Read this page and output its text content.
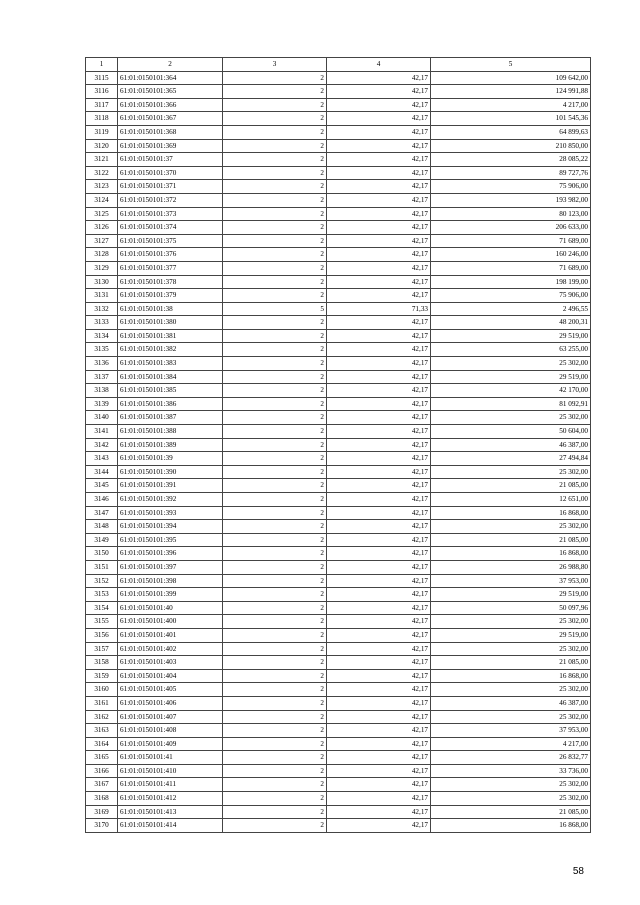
1	2	3	4	5
3115	61:01:0150101:364	2	42,17	109 642,00
3116	61:01:0150101:365	2	42,17	124 991,88
3117	61:01:0150101:366	2	42,17	4 217,00
3118	61:01:0150101:367	2	42,17	101 545,36
3119	61:01:0150101:368	2	42,17	64 899,63
3120	61:01:0150101:369	2	42,17	210 850,00
3121	61:01:0150101:37	2	42,17	28 085,22
3122	61:01:0150101:370	2	42,17	89 727,76
3123	61:01:0150101:371	2	42,17	75 906,00
3124	61:01:0150101:372	2	42,17	193 982,00
3125	61:01:0150101:373	2	42,17	80 123,00
3126	61:01:0150101:374	2	42,17	206 633,00
3127	61:01:0150101:375	2	42,17	71 689,00
3128	61:01:0150101:376	2	42,17	160 246,00
3129	61:01:0150101:377	2	42,17	71 689,00
3130	61:01:0150101:378	2	42,17	198 199,00
3131	61:01:0150101:379	2	42,17	75 906,00
3132	61:01:0150101:38	5	71,33	2 496,55
3133	61:01:0150101:380	2	42,17	48 200,31
3134	61:01:0150101:381	2	42,17	29 519,00
3135	61:01:0150101:382	2	42,17	63 255,00
3136	61:01:0150101:383	2	42,17	25 302,00
3137	61:01:0150101:384	2	42,17	29 519,00
3138	61:01:0150101:385	2	42,17	42 170,00
3139	61:01:0150101:386	2	42,17	81 092,91
3140	61:01:0150101:387	2	42,17	25 302,00
3141	61:01:0150101:388	2	42,17	50 604,00
3142	61:01:0150101:389	2	42,17	46 387,00
3143	61:01:0150101:39	2	42,17	27 494,84
3144	61:01:0150101:390	2	42,17	25 302,00
3145	61:01:0150101:391	2	42,17	21 085,00
3146	61:01:0150101:392	2	42,17	12 651,00
3147	61:01:0150101:393	2	42,17	16 868,00
3148	61:01:0150101:394	2	42,17	25 302,00
3149	61:01:0150101:395	2	42,17	21 085,00
3150	61:01:0150101:396	2	42,17	16 868,00
3151	61:01:0150101:397	2	42,17	26 988,80
3152	61:01:0150101:398	2	42,17	37 953,00
3153	61:01:0150101:399	2	42,17	29 519,00
3154	61:01:0150101:40	2	42,17	50 097,96
3155	61:01:0150101:400	2	42,17	25 302,00
3156	61:01:0150101:401	2	42,17	29 519,00
3157	61:01:0150101:402	2	42,17	25 302,00
3158	61:01:0150101:403	2	42,17	21 085,00
3159	61:01:0150101:404	2	42,17	16 868,00
3160	61:01:0150101:405	2	42,17	25 302,00
3161	61:01:0150101:406	2	42,17	46 387,00
3162	61:01:0150101:407	2	42,17	25 302,00
3163	61:01:0150101:408	2	42,17	37 953,00
3164	61:01:0150101:409	2	42,17	4 217,00
3165	61:01:0150101:41	2	42,17	26 832,77
3166	61:01:0150101:410	2	42,17	33 736,00
3167	61:01:0150101:411	2	42,17	25 302,00
3168	61:01:0150101:412	2	42,17	25 302,00
3169	61:01:0150101:413	2	42,17	21 085,00
3170	61:01:0150101:414	2	42,17	16 868,00
58
